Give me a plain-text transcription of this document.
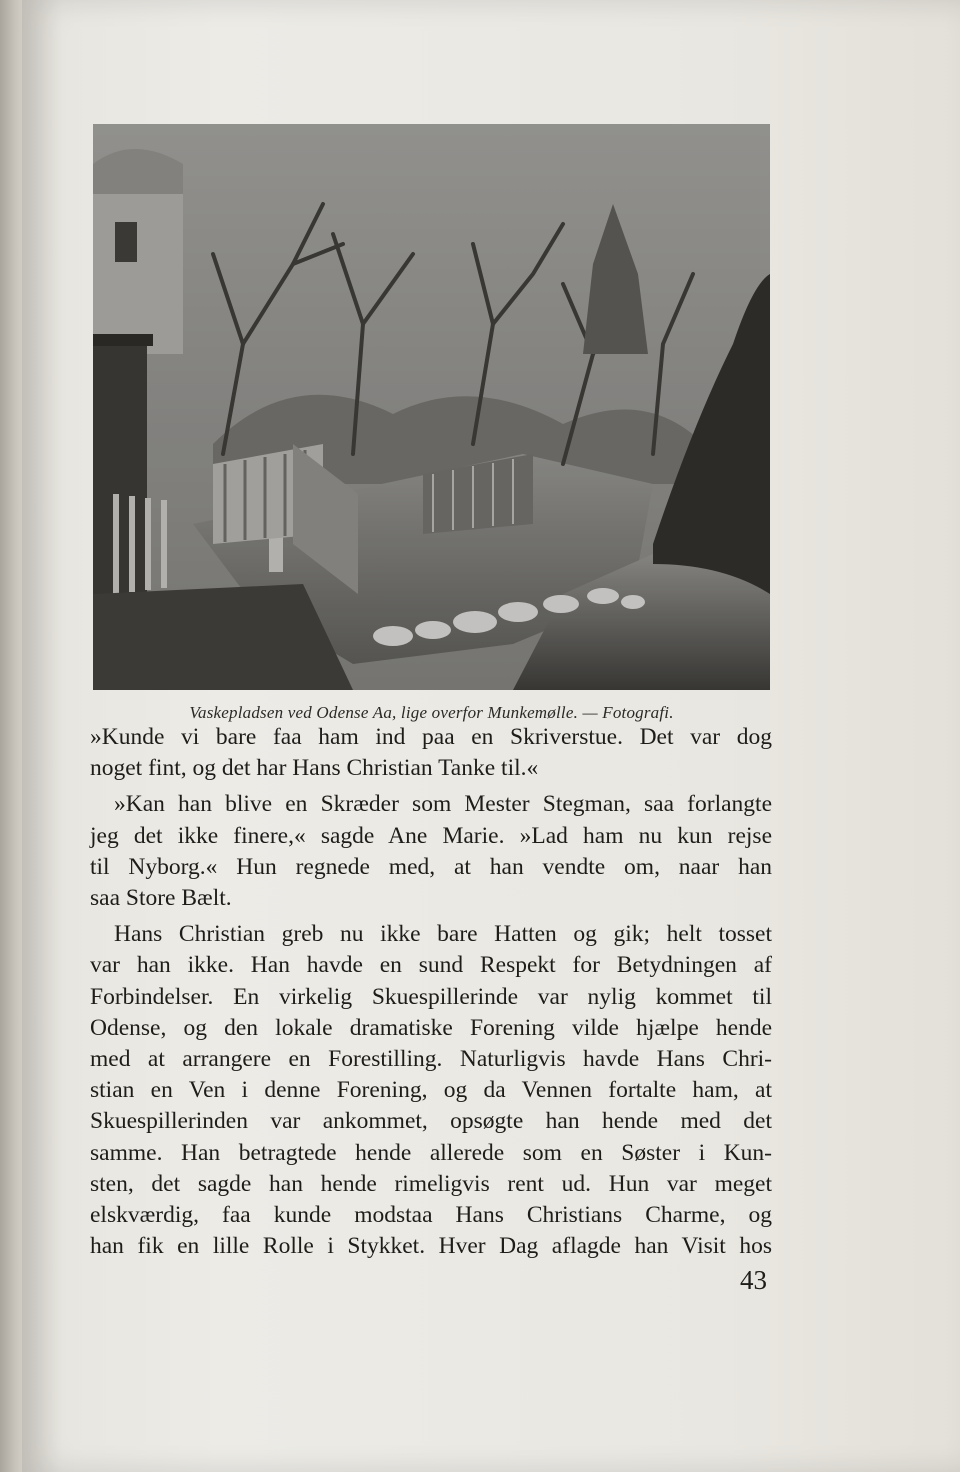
Vaskepladsen ved Odense Aa, lige overfor Munkemølle. — Fotografi.
»Kunde vi bare faa ham ind paa en Skriverstue. Det var dog
noget fint, og det har Hans Christian Tanke til.«
»Kan han blive en Skræder som Mester Stegman, saa forlangte
jeg det ikke finere,« sagde Ane Marie. »Lad ham nu kun rejse
til Nyborg.« Hun regnede med, at han vendte om, naar han
saa Store Bælt.
Hans Christian greb nu ikke bare Hatten og gik; helt tosset
var han ikke. Han havde en sund Respekt for Betydningen af
Forbindelser. En virkelig Skuespillerinde var nylig kommet til
Odense, og den lokale dramatiske Forening vilde hjælpe hende
med at arrangere en Forestilling. Naturligvis havde Hans Chri-
stian en Ven i denne Forening, og da Vennen fortalte ham, at
Skuespillerinden var ankommet, opsøgte han hende med det
samme. Han betragtede hende allerede som en Søster i Kun-
sten, det sagde han hende rimeligvis rent ud. Hun var meget
elskværdig, faa kunde modstaa Hans Christians Charme, og
han fik en lille Rolle i Stykket. Hver Dag aflagde han Visit hos
43
